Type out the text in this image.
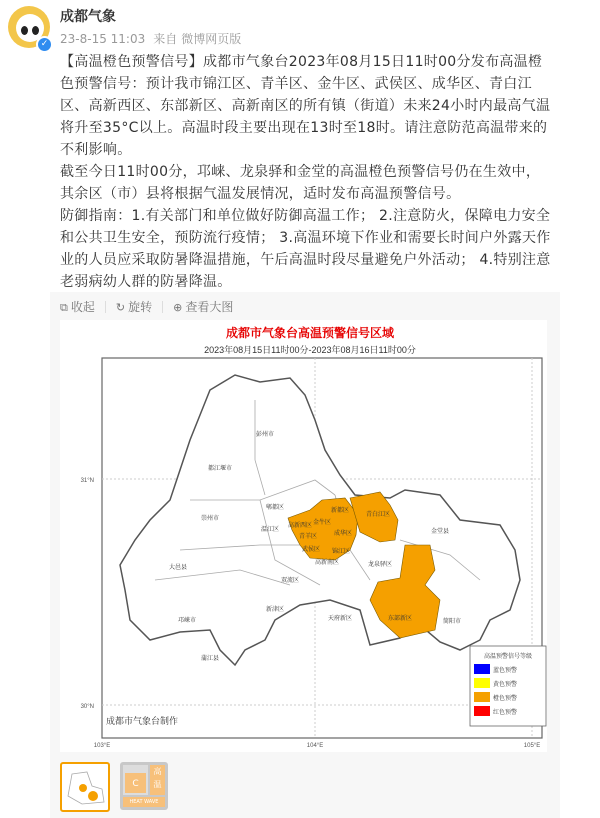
✓
成都气象
23-8-15 11:03 来自 微博网页版

【高温橙色预警信号】成都市气象台2023年08月15日11时00分发布高温橙色预警信号：预计我市锦江区、青羊区、金牛区、武侯区、成华区、青白江区、高新西区、东部新区、高新南区的所有镇（街道）未来24小时内最高气温将升至35°C以上。高温时段主要出现在13时至18时。请注意防范高温带来的不利影响。

截至今日11时00分，邛崃、龙泉驿和金堂的高温橙色预警信号仍在生效中，其余区（市）县将根据气温发展情况，适时发布高温预警信号。

防御指南：1.有关部门和单位做好防御高温工作； 2.注意防火，保障电力安全和公共卫生安全，预防流行疫情； 3.高温环境下作业和需要长时间户外露天作业的人员应采取防暑降温措施，午后高温时段尽量避免户外活动； 4.特别注意老弱病幼人群的防暑降温。

⧉ 收起 ↻ 旋转 ⊕ 查看大图
成都市气象台高温预警信号区域
2023年08月15日11时00分-2023年08月16日11时00分
31°N
30°N
103°E	104°E	105°E
彭州市
都江堰市
郫都区	新都区
青白江区
金堂县
高新西区 金牛区
成华区
青羊区
武侯区 锦江区
高新南区
温江区
崇州市
大邑县
双流区
龙泉驿区
新津区
邛崃市	天府新区	东部新区	简阳市
蒲江县	高温预警信号等级
蓝色预警
黄色预警
橙色预警
红色预警
成都市气象台制作
C
高
温
HEAT WAVE
